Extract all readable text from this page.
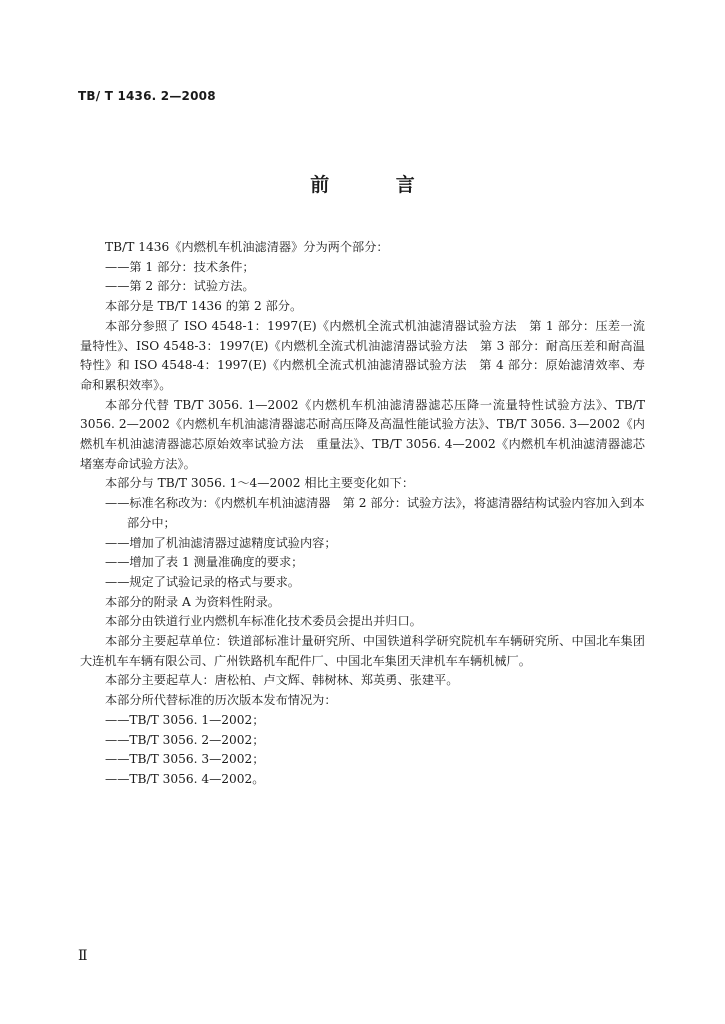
TB/ T 1436. 2—2008
前 言

TB/T 1436《内燃机车机油滤清器》分为两个部分：

——第 1 部分：技术条件；

——第 2 部分：试验方法。

本部分是 TB/T 1436 的第 2 部分。

本部分参照了 ISO 4548-1：1997(E)《内燃机全流式机油滤清器试验方法　第 1 部分：压差一流量特性》、ISO 4548-3：1997(E)《内燃机全流式机油滤清器试验方法　第 3 部分：耐高压差和耐高温特性》和 ISO 4548-4：1997(E)《内燃机全流式机油滤清器试验方法　第 4 部分：原始滤清效率、寿命和累积效率》。

本部分代替 TB/T 3056. 1—2002《内燃机车机油滤清器滤芯压降一流量特性试验方法》、TB/T 3056. 2—2002《内燃机车机油滤清器滤芯耐高压降及高温性能试验方法》、TB/T 3056. 3—2002《内燃机车机油滤清器滤芯原始效率试验方法　重量法》、TB/T 3056. 4—2002《内燃机车机油滤清器滤芯堵塞寿命试验方法》。

本部分与 TB/T 3056. 1～4—2002 相比主要变化如下：

——标准名称改为：《内燃机车机油滤清器　第 2 部分：试验方法》，将滤清器结构试验内容加入到本部分中；

——增加了机油滤清器过滤精度试验内容；

——增加了表 1 测量准确度的要求；

——规定了试验记录的格式与要求。

本部分的附录 A 为资料性附录。

本部分由铁道行业内燃机车标准化技术委员会提出并归口。

本部分主要起草单位：铁道部标准计量研究所、中国铁道科学研究院机车车辆研究所、中国北车集团大连机车车辆有限公司、广州铁路机车配件厂、中国北车集团天津机车车辆机械厂。

本部分主要起草人：唐松柏、卢文辉、韩树林、郑英勇、张建平。

本部分所代替标准的历次版本发布情况为：

——TB/T 3056. 1—2002；

——TB/T 3056. 2—2002；

——TB/T 3056. 3—2002；

——TB/T 3056. 4—2002。

Ⅱ
